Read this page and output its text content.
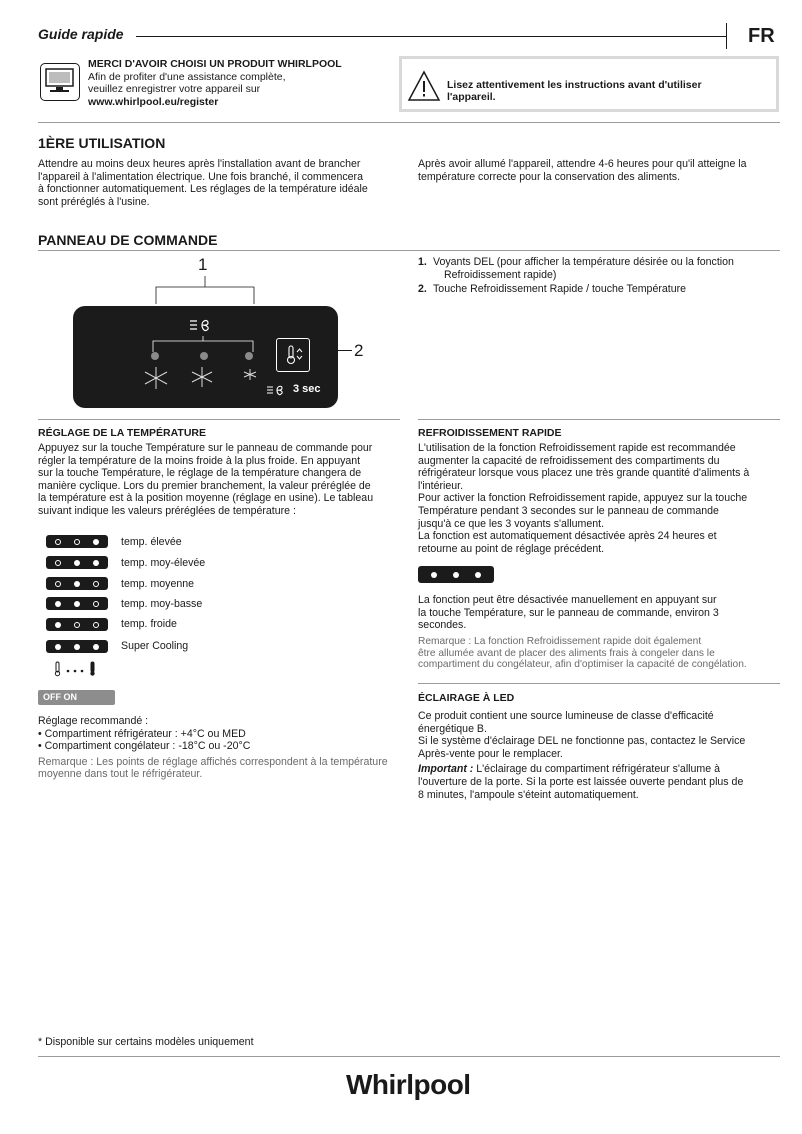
Guide rapide	FR
MERCI D'AVOIR CHOISI UN PRODUIT WHIRLPOOL
Afin de profiter d'une assistance complète,
veuillez enregistrer votre appareil sur
www.whirlpool.eu/register
Lisez attentivement les instructions avant d'utiliser
l'appareil.
1ÈRE UTILISATION
Attendre au moins deux heures après l'installation avant de brancher
l'appareil à l'alimentation électrique. Une fois branché, il commencera
à fonctionner automatiquement. Les réglages de la température idéale
sont préréglés à l'usine.
Après avoir allumé l'appareil, attendre 4-6 heures pour qu'il atteigne la
température correcte pour la conservation des aliments.
PANNEAU DE COMMANDE
1
3 sec
2
1. Voyants DEL (pour afficher la température désirée ou la fonction
Refroidissement rapide)
2. Touche Refroidissement Rapide / touche Température
RÉGLAGE DE LA TEMPÉRATURE
Appuyez sur la touche Température sur le panneau de commande pour
régler la température de la moins froide à la plus froide. En appuyant
sur la touche Température, le réglage de la température changera de
manière cyclique. Lors du premier branchement, la valeur préréglée de
la température est à la position moyenne (réglage en usine). Le tableau
suivant indique les valeurs préréglées de température :
temp. élevée
temp. moy-élevée
temp. moyenne
temp. moy-basse
temp. froide
Super Cooling
OFF ON
Réglage recommandé :
• Compartiment réfrigérateur : +4°C ou MED
• Compartiment congélateur : -18°C ou -20°C
Remarque : Les points de réglage affichés correspondent à la température
moyenne dans tout le réfrigérateur.
REFROIDISSEMENT RAPIDE
L'utilisation de la fonction Refroidissement rapide est recommandée
augmenter la capacité de refroidissement des compartiments du
réfrigérateur lorsque vous placez une très grande quantité d'aliments à
l'intérieur.
Pour activer la fonction Refroidissement rapide, appuyez sur la touche
Température pendant 3 secondes sur le panneau de commande
jusqu'à ce que les 3 voyants s'allument.
La fonction est automatiquement désactivée après 24 heures et
retourne au point de réglage précédent.
La fonction peut être désactivée manuellement en appuyant sur
la touche Température, sur le panneau de commande, environ 3
secondes.
Remarque : La fonction Refroidissement rapide doit également
être allumée avant de placer des aliments frais à congeler dans le
compartiment du congélateur, afin d'optimiser la capacité de congélation.
ÉCLAIRAGE À LED
Ce produit contient une source lumineuse de classe d'efficacité
énergétique B.
Si le système d'éclairage DEL ne fonctionne pas, contactez le Service
Après-vente pour le remplacer.
Important : L'éclairage du compartiment réfrigérateur s'allume à
l'ouverture de la porte. Si la porte est laissée ouverte pendant plus de
8 minutes, l'ampoule s'éteint automatiquement.
* Disponible sur certains modèles uniquement
Whirlpool
